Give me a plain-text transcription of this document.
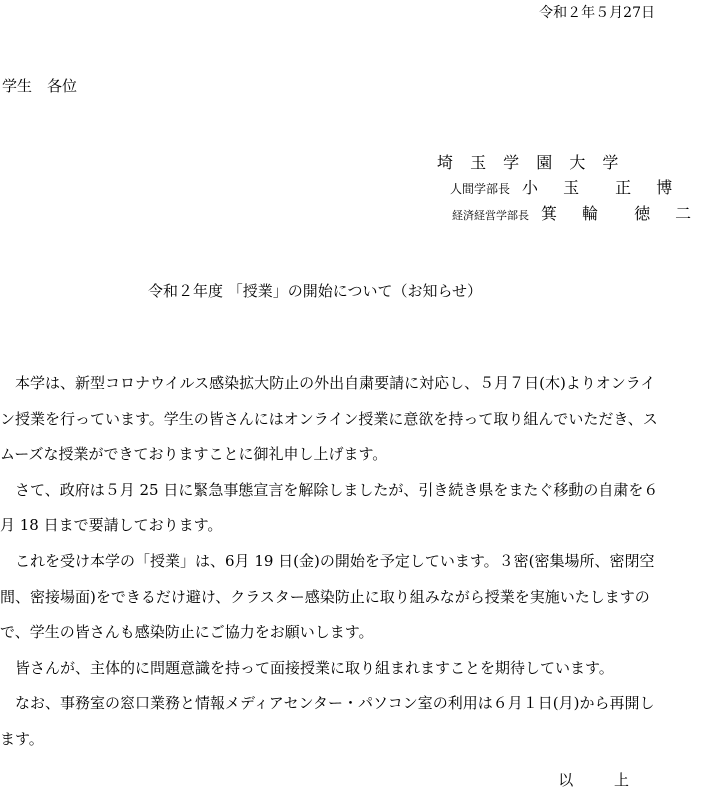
令和２年５月27日
学生　各位
埼 玉 学 園 大 学
人間学部長 小 玉　正 博
経済経営学部長 箕 輪　徳 二
令和２年度 「授業」の開始について（お知らせ）

本学は、新型コロナウイルス感染拡大防止の外出自粛要請に対応し、５月７日(木)よりオンライン授業を行っています。学生の皆さんにはオンライン授業に意欲を持って取り組んでいただき、スムーズな授業ができておりますことに御礼申し上げます。

さて、政府は５月 25 日に緊急事態宣言を解除しましたが、引き続き県をまたぐ移動の自粛を６月 18 日まで要請しております。

これを受け本学の「授業」は、6月 19 日(金)の開始を予定しています。３密(密集場所、密閉空間、密接場面)をできるだけ避け、クラスター感染防止に取り組みながら授業を実施いたしますので、学生の皆さんも感染防止にご協力をお願いします。

皆さんが、主体的に問題意識を持って面接授業に取り組まれますことを期待しています。

なお、事務室の窓口業務と情報メディアセンター・パソコン室の利用は６月１日(月)から再開します。

以 上
